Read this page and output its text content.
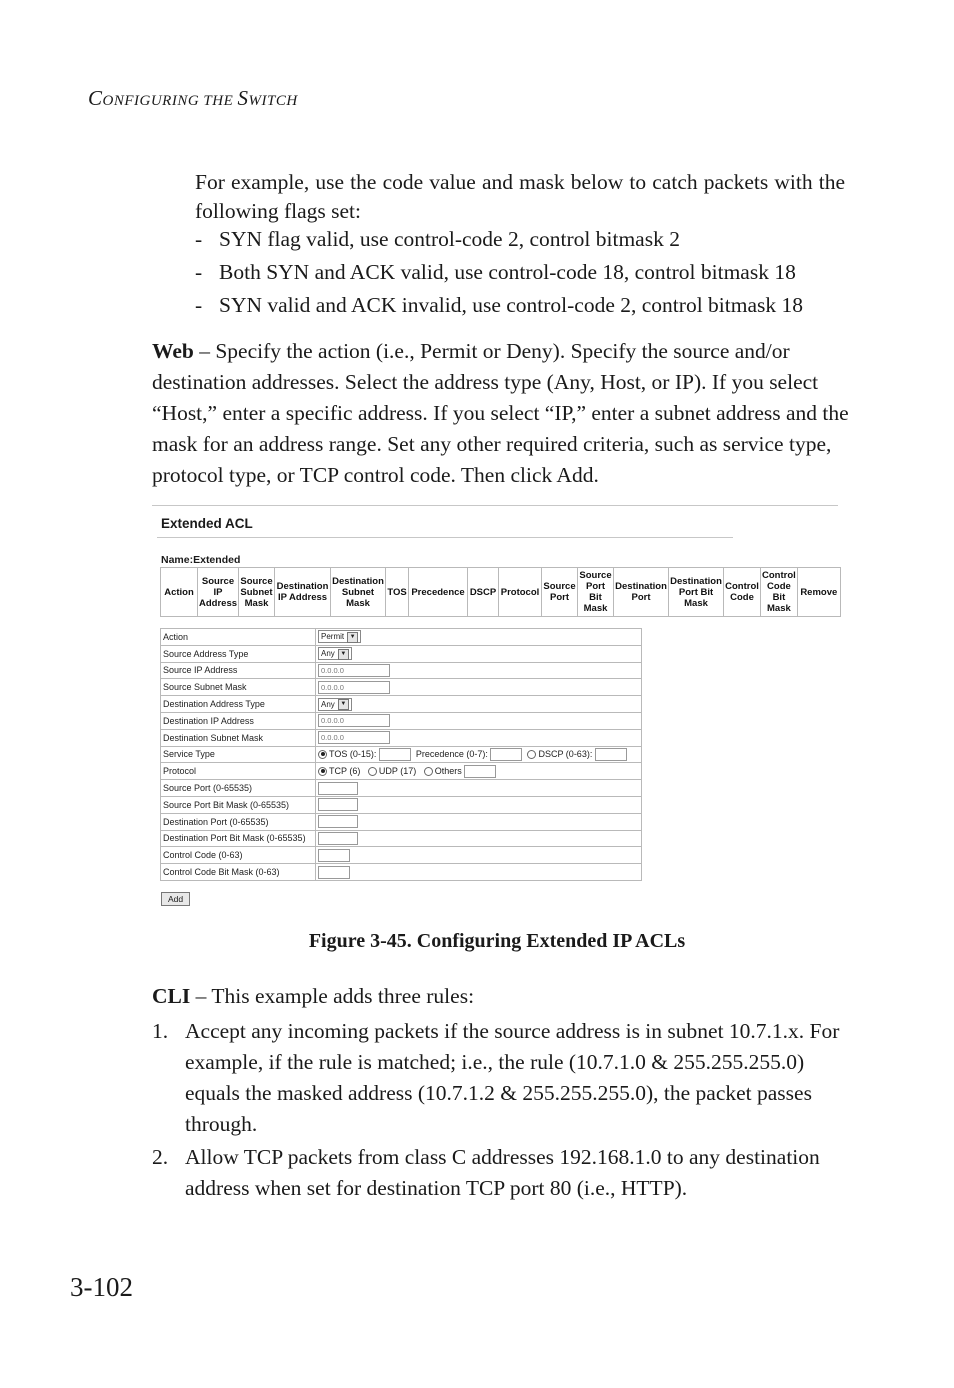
CONFIGURING THE SWITCH
For example, use the code value and mask below to catch packets with the following flags set:
- SYN flag valid, use control-code 2, control bitmask 2
- Both SYN and ACK valid, use control-code 18, control bitmask 18
- SYN valid and ACK invalid, use control-code 2, control bitmask 18
Web – Specify the action (i.e., Permit or Deny). Specify the source and/or destination addresses. Select the address type (Any, Host, or IP). If you select “Host,” enter a specific address. If you select “IP,” enter a subnet address and the mask for an address range. Set any other required criteria, such as service type, protocol type, or TCP control code. Then click Add.
Extended ACL
Name:Extended
Action	Source IP Address	Source Subnet Mask	Destination IP Address	Destination Subnet Mask	TOS	Precedence	DSCP	Protocol	Source Port	Source Port Bit Mask	Destination Port	Destination Port Bit Mask	Control Code	Control Code Bit Mask	Remove
Action	Permit ▼
Source Address Type	Any ▼
Source IP Address	0.0.0.0
Source Subnet Mask	0.0.0.0
Destination Address Type	Any ▼
Destination IP Address	0.0.0.0
Destination Subnet Mask	0.0.0.0
Service Type	TOS (0-15): Precedence (0-7): DSCP (0-63):
Protocol	TCP (6) UDP (17) Others
Source Port (0-65535)	
Source Port Bit Mask (0-65535)	
Destination Port (0-65535)	
Destination Port Bit Mask (0-65535)	
Control Code (0-63)	
Control Code Bit Mask (0-63)	
Add
Figure 3-45. Configuring Extended IP ACLs
CLI – This example adds three rules:
1. Accept any incoming packets if the source address is in subnet 10.7.1.x. For example, if the rule is matched; i.e., the rule (10.7.1.0 & 255.255.255.0) equals the masked address (10.7.1.2 & 255.255.255.0), the packet passes through.
2. Allow TCP packets from class C addresses 192.168.1.0 to any destination address when set for destination TCP port 80 (i.e., HTTP).
3-102
